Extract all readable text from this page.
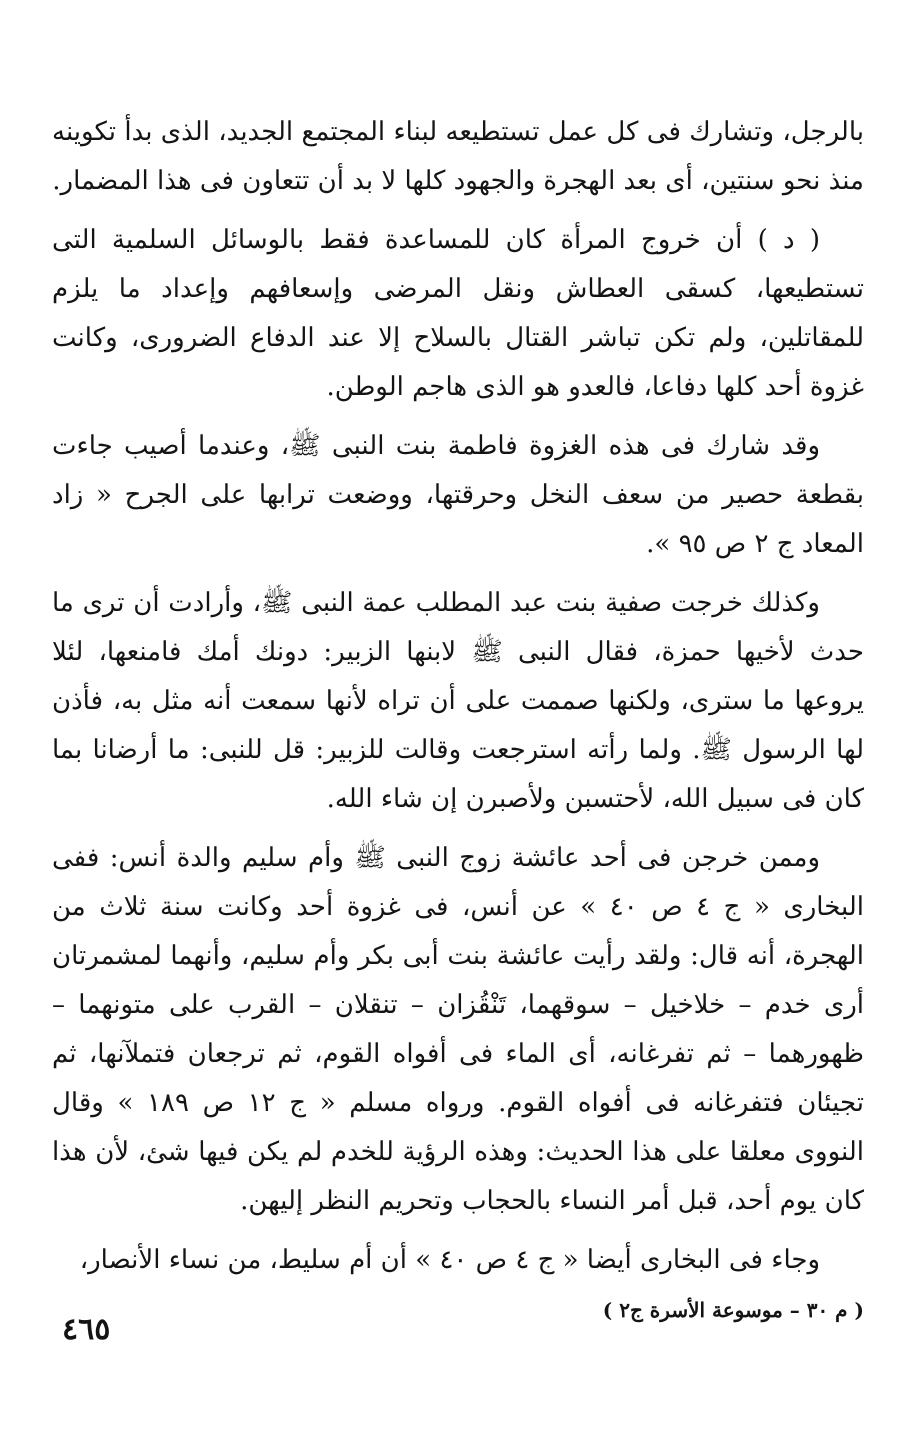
بالرجل، وتشارك فى كل عمل تستطيعه لبناء المجتمع الجديد، الذى بدأ تكوينه منذ نحو سنتين، أى بعد الهجرة والجهود كلها لا بد أن تتعاون فى هذا المضمار.

( د ) أن خروج المرأة كان للمساعدة فقط بالوسائل السلمية التى تستطيعها، كسقى العطاش ونقل المرضى وإسعافهم وإعداد ما يلزم للمقاتلين، ولم تكن تباشر القتال بالسلاح إلا عند الدفاع الضرورى، وكانت غزوة أحد كلها دفاعا، فالعدو هو الذى هاجم الوطن.

وقد شارك فى هذه الغزوة فاطمة بنت النبى ﷺ، وعندما أصيب جاءت بقطعة حصير من سعف النخل وحرقتها، ووضعت ترابها على الجرح « زاد المعاد ج ٢ ص ٩٥ ».

وكذلك خرجت صفية بنت عبد المطلب عمة النبى ﷺ، وأرادت أن ترى ما حدث لأخيها حمزة، فقال النبى ﷺ لابنها الزبير: دونك أمك فامنعها، لئلا يروعها ما سترى، ولكنها صممت على أن تراه لأنها سمعت أنه مثل به، فأذن لها الرسول ﷺ. ولما رأته استرجعت وقالت للزبير: قل للنبى: ما أرضانا بما كان فى سبيل الله، لأحتسبن ولأصبرن إن شاء الله.

وممن خرجن فى أحد عائشة زوج النبى ﷺ وأم سليم والدة أنس: ففى البخارى « ج ٤ ص ٤٠ » عن أنس، فى غزوة أحد وكانت سنة ثلاث من الهجرة، أنه قال: ولقد رأيت عائشة بنت أبى بكر وأم سليم، وأنهما لمشمرتان أرى خدم – خلاخيل – سوقهما، تَنْقُزان – تنقلان – القرب على متونهما – ظهورهما – ثم تفرغانه، أى الماء فى أفواه القوم، ثم ترجعان فتملآنها، ثم تجيئان فتفرغانه فى أفواه القوم. ورواه مسلم « ج ١٢ ص ١٨٩ » وقال النووى معلقا على هذا الحديث: وهذه الرؤية للخدم لم يكن فيها شئ، لأن هذا كان يوم أحد، قبل أمر النساء بالحجاب وتحريم النظر إليهن.

وجاء فى البخارى أيضا « ج ٤ ص ٤٠ » أن أم سليط، من نساء الأنصار،

( م ٣٠ – موسوعة الأسرة ج٢ )
٤٦٥
